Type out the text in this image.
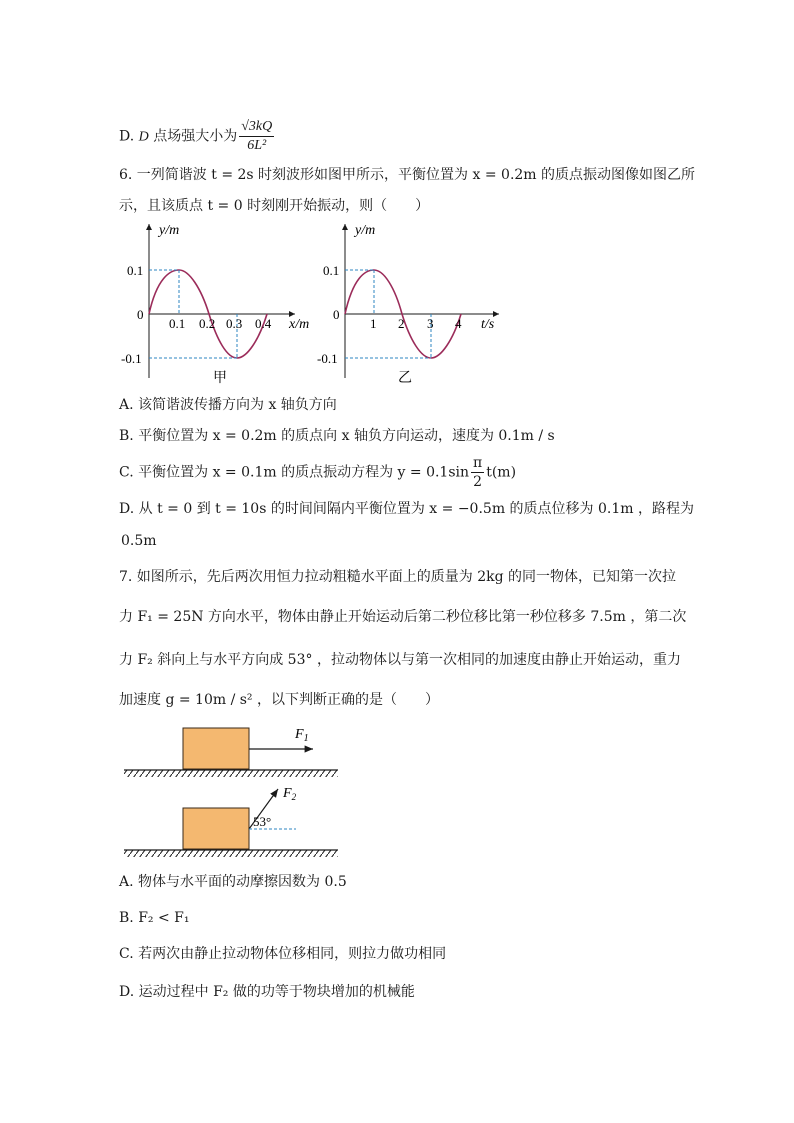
D. D 点场强大小为 $\frac{√3kQ}{\text{6L²}}$
6. 一列简谐波 t = 2s 时刻波形如图甲所示，平衡位置为 x = 0.2m 的质点振动图像如图乙所
示，且该质点 t = 0 时刻刚开始振动，则（　　）
y/m
0.1
0
-0.1
0.1 0.2 0.3 0.4 x/m
甲
y/m
0.1
0
-0.1
1 2 3 4 t/s
乙
A. 该简谐波传播方向为 x 轴负方向
B. 平衡位置为 x = 0.2m 的质点向 x 轴负方向运动，速度为 0.1m / s
C. 平衡位置为 x = 0.1m 的质点振动方程为 $y = 0.1\sin \frac{\pi}{2} t(m)$
D. 从 t = 0 到 t = 10s 的时间间隔内平衡位置为 x = −0.5m 的质点位移为 0.1m ，路程为
0.5m
7. 如图所示，先后两次用恒力拉动粗糙水平面上的质量为 2kg 的同一物体，已知第一次拉
力 F₁ = 25N 方向水平，物体由静止开始运动后第二秒位移比第一秒位移多 7.5m ，第二次
力 F₂ 斜向上与水平方向成 53° ，拉动物体以与第一次相同的加速度由静止开始运动，重力
加速度 g = 10m / s² ，以下判断正确的是（　　）
$F_1$
$F_2$
53°
A. 物体与水平面的动摩擦因数为 0.5
B. F₂ < F₁
C. 若两次由静止拉动物体位移相同，则拉力做功相同
D. 运动过程中 F₂ 做的功等于物块增加的机械能
